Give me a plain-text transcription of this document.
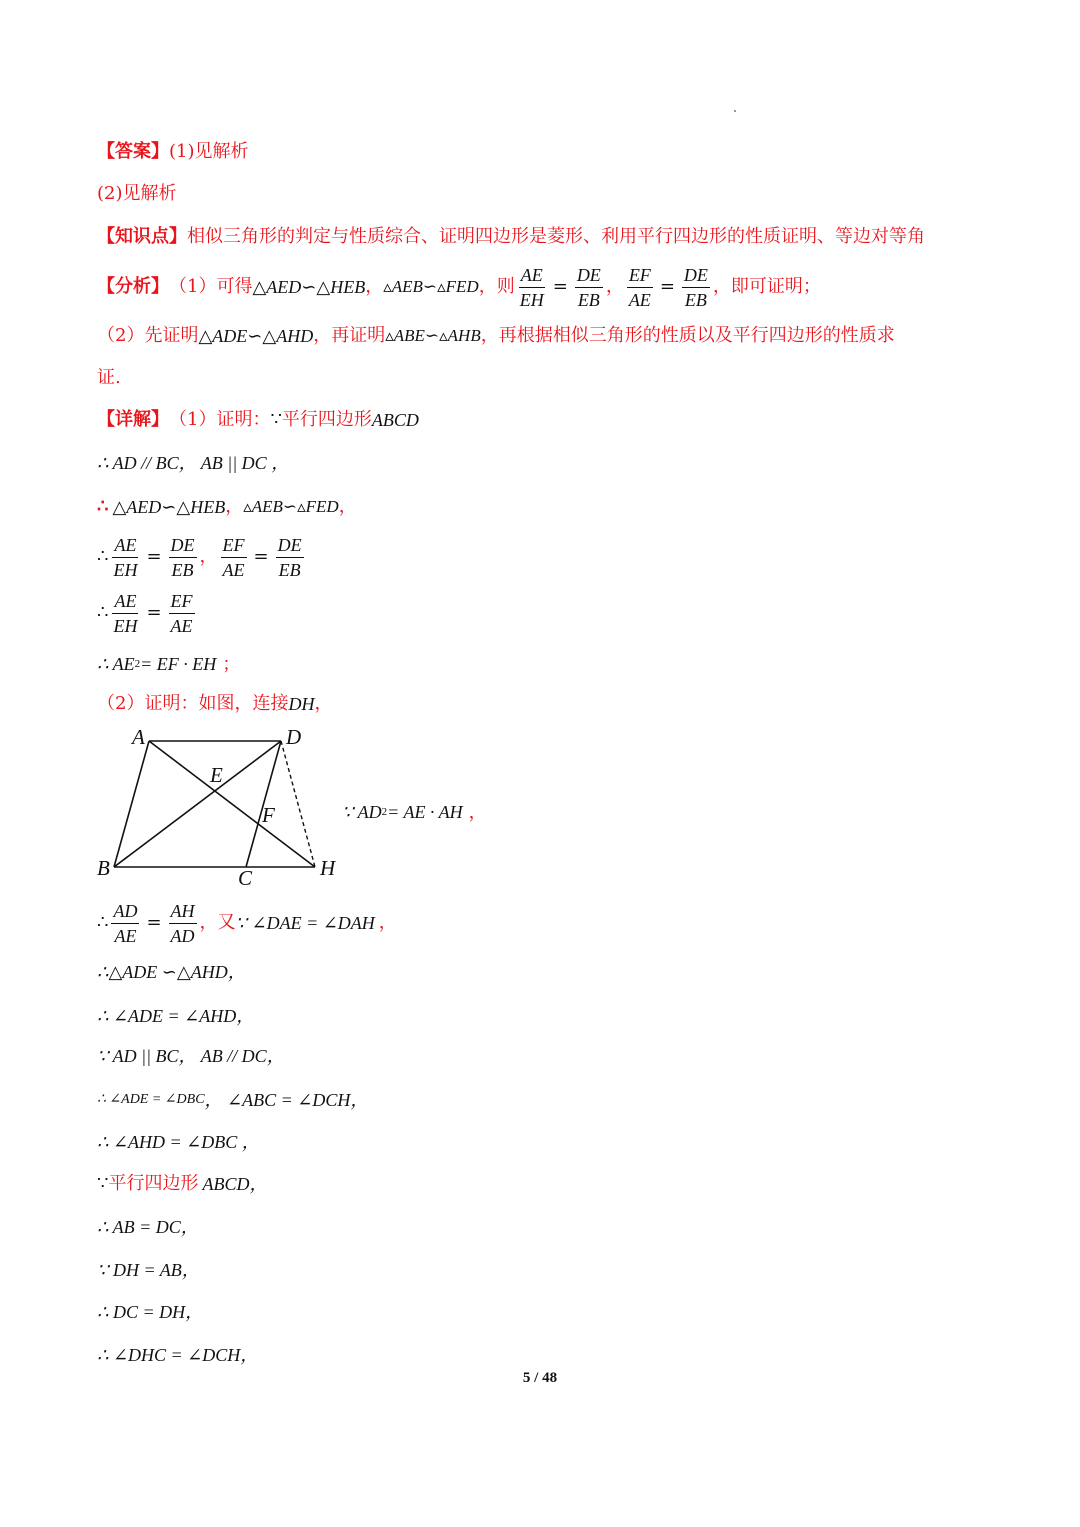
【答案】 (1)见解析
(2)见解析
【知识点】 相似三角形的判定与性质综合、证明四边形是菱形、利用平行四边形的性质证明、等边对等角
【分析】 （1）可得 △AED∽△HEB ， ▵AEB∽▵FED ，则 $\frac{AE}{EH} = \frac{DE}{EB}$ ， $\frac{EF}{AE} = \frac{DE}{EB}$ ，即可证明；
（2）先证明 △ADE∽△AHD ，再证明 ▵ABE∽▵AHB ，再根据相似三角形的性质以及平行四边形的性质求
证.
【详解】 （1）证明： ∵ 平行四边形 ABCD
∴ AD // BC， AB || DC ，
∴ △AED∽△HEB ， ▵AEB∽▵FED ，
∴ $\frac{AE}{EH} = \frac{DE}{EB}$ ， $\frac{EF}{AE} = \frac{DE}{EB}$
∴ $\frac{AE}{EH} = \frac{EF}{AE}$
∴ AE 2 = EF · EH ；
（2）证明：如图，连接 DH ，
A	D
E
F
B	C	H
∵ AD 2 = AE · AH ，
∴ $\frac{AD}{AE} = \frac{AH}{AD}$ ，又 ∵ ∠DAE = ∠DAH ，
∴△ADE ∽△AHD，
∴ ∠ADE = ∠AHD，
∵ AD || BC， AB // DC，
∴ ∠ADE = ∠DBC ， ∠ABC = ∠DCH，
∴ ∠AHD = ∠DBC ，
∵ 平行四边形 ABCD，
∴ AB = DC，
∵ DH = AB，
∴ DC = DH，
∴ ∠DHC = ∠DCH，
5 / 48
